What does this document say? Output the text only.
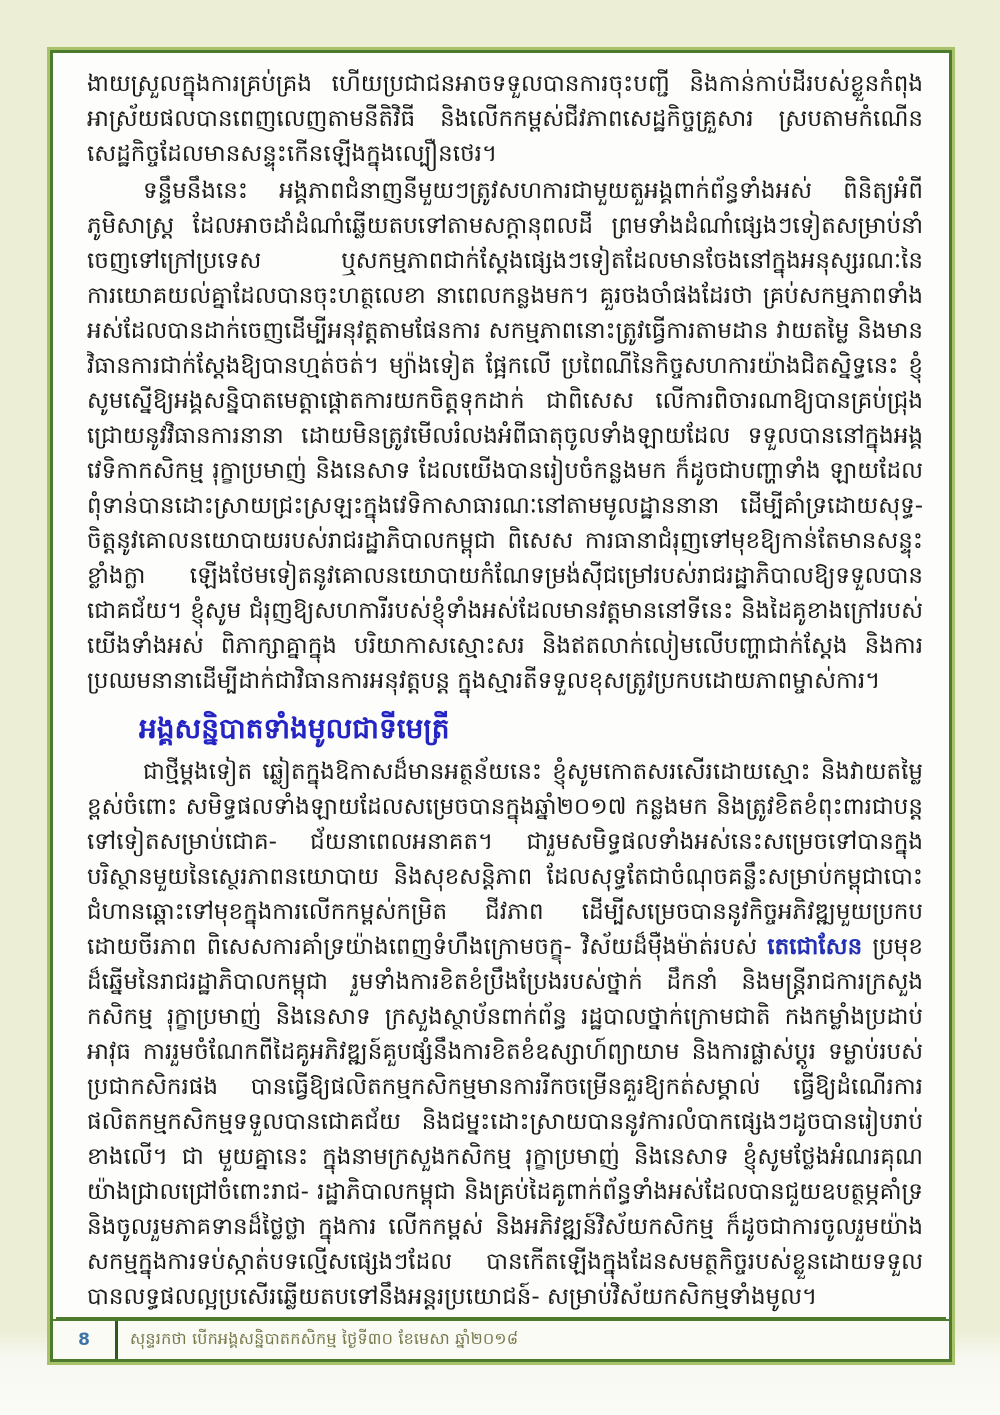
ងាយស្រួលក្នុងការគ្រប់គ្រង ហើយប្រជាជនអាចទទួលបានការចុះបញ្ជី និងកាន់កាប់ដីរបស់ខ្លួនកំពុង អាស្រ័យផលបានពេញលេញតាមនីតិវិធី និងលើកកម្ពស់ជីវភាពសេដ្ឋកិច្ចគ្រួសារ ស្របតាមកំណើន សេដ្ឋកិច្ចដែលមានសន្ទុះកើនឡើងក្នុងល្បឿនថេរ។

ទន្ទឹមនឹងនេះ អង្គភាពជំនាញនីមួយៗត្រូវសហការជាមួយតួអង្គពាក់ព័ន្ធទាំងអស់ ពិនិត្យអំពីភូមិសាស្ត្រ ដែលអាចដាំដំណាំឆ្លើយតបទៅតាមសក្តានុពលដី ព្រមទាំងដំណាំផ្សេងៗទៀតសម្រាប់នាំចេញទៅក្រៅប្រទេស ឬសកម្មភាពជាក់ស្តែងផ្សេងៗទៀតដែលមានចែងនៅក្នុងអនុស្សរណៈនៃការយោគយល់គ្នាដែលបានចុះហត្ថលេខា នាពេលកន្លងមក។ គួរចងចាំផងដែរថា គ្រប់សកម្មភាពទាំងអស់ដែលបានដាក់ចេញដើម្បីអនុវត្តតាមផែនការ សកម្មភាពនោះត្រូវធ្វើការតាមដាន វាយតម្លៃ និងមានវិធានការជាក់ស្តែងឱ្យបានហ្មត់ចត់។ ម្យ៉ាងទៀត ផ្អែកលើ ប្រពៃណីនៃកិច្ចសហការយ៉ាងជិតស្និទ្ធនេះ ខ្ញុំសូមស្នើឱ្យអង្គសន្និបាតមេត្តាផ្តោតការយកចិត្តទុកដាក់ ជាពិសេស លើការពិចារណាឱ្យបានគ្រប់ជ្រុងជ្រោយនូវវិធានការនានា ដោយមិនត្រូវមើលរំលងអំពីធាតុចូលទាំងឡាយដែល ទទួលបាននៅក្នុងអង្គវេទិកាកសិកម្ម រុក្ខាប្រមាញ់ និងនេសាទ ដែលយើងបានរៀបចំកន្លងមក ក៏ដូចជាបញ្ហាទាំង ឡាយដែលពុំទាន់បានដោះស្រាយជ្រះស្រឡះក្នុងវេទិកាសាធារណៈនៅតាមមូលដ្ឋាននានា ដើម្បីគាំទ្រដោយសុទ្ធ- ចិត្តនូវគោលនយោបាយរបស់រាជរដ្ឋាភិបាលកម្ពុជា ពិសេស ការធានាជំរុញទៅមុខឱ្យកាន់តែមានសន្ទុះខ្លាំងក្លា ឡើងថែមទៀតនូវគោលនយោបាយកំណែទម្រង់ស៊ីជម្រៅរបស់រាជរដ្ឋាភិបាលឱ្យទទួលបានជោគជ័យ។ ខ្ញុំសូម ជំរុញឱ្យសហការីរបស់ខ្ញុំទាំងអស់ដែលមានវត្តមាននៅទីនេះ និងដៃគូខាងក្រៅរបស់យើងទាំងអស់ ពិភាក្សាគ្នាក្នុង បរិយាកាសស្មោះសរ និងឥតលាក់លៀមលើបញ្ហាជាក់ស្តែង និងការប្រឈមនានាដើម្បីដាក់ជាវិធានការអនុវត្តបន្ត ក្នុងស្មារតីទទួលខុសត្រូវប្រកបដោយភាពម្ចាស់ការ។

អង្គសន្និបាតទាំងមូលជាទីមេត្រី

ជាថ្មីម្តងទៀត ឆ្លៀតក្នុងឱកាសដ៏មានអត្ថន័យនេះ ខ្ញុំសូមកោតសរសើរដោយស្មោះ និងវាយតម្លៃខ្ពស់ចំពោះ សមិទ្ធផលទាំងឡាយដែលសម្រេចបានក្នុងឆ្នាំ២០១៧ កន្លងមក និងត្រូវខិតខំពុះពារជាបន្តទៅទៀតសម្រាប់ជោគ- ជ័យនាពេលអនាគត។ ជារួមសមិទ្ធផលទាំងអស់នេះសម្រេចទៅបានក្នុងបរិស្ថានមួយនៃស្ថេរភាពនយោបាយ និងសុខសន្តិភាព ដែលសុទ្ធតែជាចំណុចគន្លឹះសម្រាប់កម្ពុជាបោះជំហានឆ្ពោះទៅមុខក្នុងការលើកកម្ពស់កម្រិត ជីវភាព ដើម្បីសម្រេចបាននូវកិច្ចអភិវឌ្ឍមួយប្រកបដោយចីរភាព ពិសេសការគាំទ្រយ៉ាងពេញទំហឹងក្រោមចក្ខុ- វិស័យដ៏មុឺងម៉ាត់របស់ តេជោសែន ប្រមុខដ៏ឆ្នើមនៃរាជរដ្ឋាភិបាលកម្ពុជា រួមទាំងការខិតខំប្រឹងប្រែងរបស់ថ្នាក់ ដឹកនាំ និងមន្ត្រីរាជការក្រសួងកសិកម្ម រុក្ខាប្រមាញ់ និងនេសាទ ក្រសួងស្ថាប័នពាក់ព័ន្ធ រដ្ឋបាលថ្នាក់ក្រោមជាតិ កងកម្លាំងប្រដាប់អាវុធ ការរួមចំណែកពីដៃគូអភិវឌ្ឍន៍គួបផ្សំនឹងការខិតខំឧស្សាហ៍ព្យាយាម និងការផ្លាស់ប្តូរ ទម្លាប់របស់ប្រជាកសិករផង បានធ្វើឱ្យផលិតកម្មកសិកម្មមានការរីកចម្រើនគួរឱ្យកត់សម្គាល់ ធ្វើឱ្យដំណើរការ ផលិតកម្មកសិកម្មទទួលបានជោគជ័យ និងជម្នះដោះស្រាយបាននូវការលំបាកផ្សេងៗដូចបានរៀបរាប់ខាងលើ។ ជា មួយគ្នានេះ ក្នុងនាមក្រសួងកសិកម្ម រុក្ខាប្រមាញ់ និងនេសាទ ខ្ញុំសូមថ្លែងអំណរគុណយ៉ាងជ្រាលជ្រៅចំពោះរាជ- រដ្ឋាភិបាលកម្ពុជា និងគ្រប់ដៃគូពាក់ព័ន្ធទាំងអស់ដែលបានជួយឧបត្ថម្ភគាំទ្រ និងចូលរួមភាគទានដ៏ថ្លៃថ្លា ក្នុងការ លើកកម្ពស់ និងអភិវឌ្ឍន៍វិស័យកសិកម្ម ក៏ដូចជាការចូលរួមយ៉ាងសកម្មក្នុងការទប់ស្កាត់បទល្មើសផ្សេងៗដែល បានកើតឡើងក្នុងដែនសមត្ថកិច្ចរបស់ខ្លួនដោយទទួលបានលទ្ធផលល្អប្រសើរឆ្លើយតបទៅនឹងអន្តរប្រយោជន៍- សម្រាប់វិស័យកសិកម្មទាំងមូល។

8	សុន្ទរកថា បើកអង្គសន្និបាតកសិកម្ម ថ្ងៃទី៣០ ខែមេសា ឆ្នាំ២០១៨
